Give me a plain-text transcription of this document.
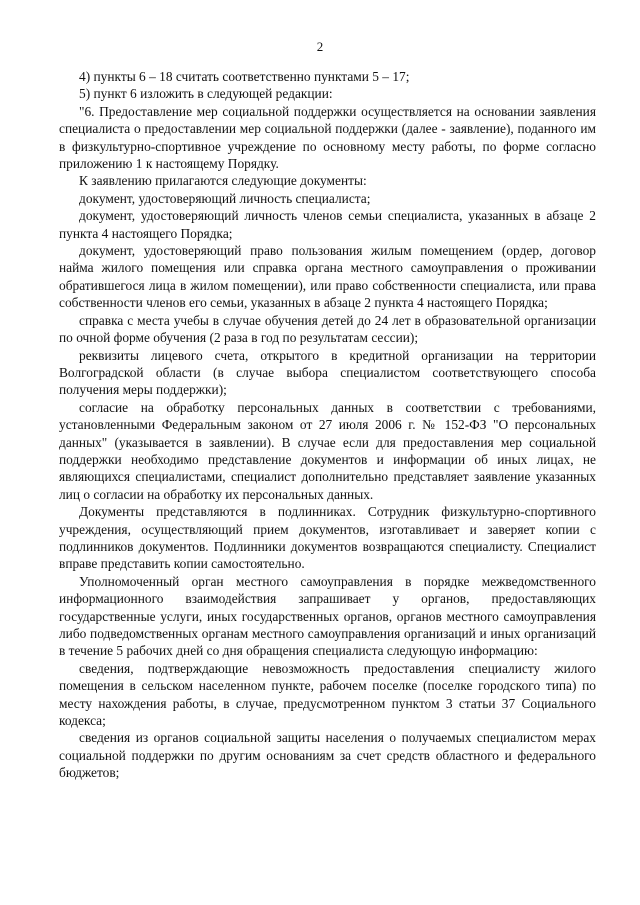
2

4) пункты 6 – 18 считать соответственно пунктами 5 – 17;

5) пункт 6 изложить в следующей редакции:

"6. Предоставление мер социальной поддержки осуществляется на основании заявления специалиста о предоставлении мер социальной поддержки (далее - заявление), поданного им в физкультурно-спортивное учреждение по основному месту работы, по форме согласно приложению 1 к настоящему Порядку.

К заявлению прилагаются следующие документы:

документ, удостоверяющий личность специалиста;

документ, удостоверяющий личность членов семьи специалиста, указанных в абзаце 2 пункта 4 настоящего Порядка;

документ, удостоверяющий право пользования жилым помещением (ордер, договор найма жилого помещения или справка органа местного самоуправления о проживании обратившегося лица в жилом помещении), или право собственности специалиста, или права собственности членов его семьи, указанных в абзаце 2 пункта 4 настоящего Порядка;

справка с места учебы в случае обучения детей до 24 лет в образовательной организации по очной форме обучения (2 раза в год по результатам сессии);

реквизиты лицевого счета, открытого в кредитной организации на территории Волгоградской области (в случае выбора специалистом соответствующего способа получения меры поддержки);

согласие на обработку персональных данных в соответствии с требованиями, установленными Федеральным законом от 27 июля 2006 г. № 152-ФЗ "О персональных данных" (указывается в заявлении). В случае если для предоставления мер социальной поддержки необходимо представление документов и информации об иных лицах, не являющихся специалистами, специалист дополнительно представляет заявление указанных лиц о согласии на обработку их персональных данных.

Документы представляются в подлинниках. Сотрудник физкультурно-спортивного учреждения, осуществляющий прием документов, изготавливает и заверяет копии с подлинников документов. Подлинники документов возвращаются специалисту. Специалист вправе представить копии самостоятельно.

Уполномоченный орган местного самоуправления в порядке межведомственного информационного взаимодействия запрашивает у органов, предоставляющих государственные услуги, иных государственных органов, органов местного самоуправления либо подведомственных органам местного самоуправления организаций и иных организаций в течение 5 рабочих дней со дня обращения специалиста следующую информацию:

сведения, подтверждающие невозможность предоставления специалисту жилого помещения в сельском населенном пункте, рабочем поселке (поселке городского типа) по месту нахождения работы, в случае, предусмотренном пунктом 3 статьи 37 Социального кодекса;

сведения из органов социальной защиты населения о получаемых специалистом мерах социальной поддержки по другим основаниям за счет средств областного и федерального бюджетов;
